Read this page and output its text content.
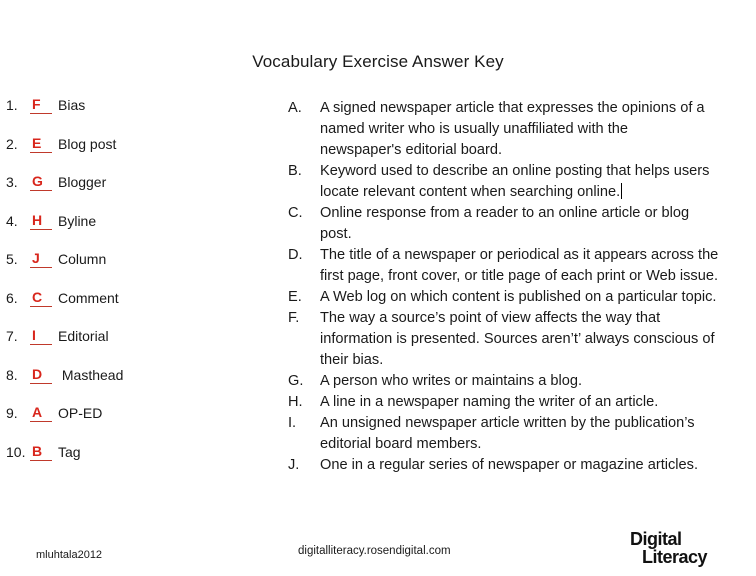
Vocabulary Exercise Answer Key
1.	F	Bias
2.	E	Blog post
3.	G	Blogger
4.	H	Byline
5.	J	Column
6.	C	Comment
7.	I	Editorial
8.	D	Masthead
9.	A	OP-ED
10. B	Tag
A.	A signed newspaper article that expresses the opinions of a
named writer who is usually unaffiliated with the
newspaper's editorial board.
B.	Keyword used to describe an online posting that helps users
locate relevant content when searching online.
C.	Online response from a reader to an online article or blog
post.
D.	The title of a newspaper or periodical as it appears across the
first page, front cover, or title page of each print or Web issue.
E.	A Web log on which content is published on a particular topic.
F.	The way a source’s point of view affects the way that
information is presented. Sources aren’t’ always conscious of
their bias.
G.	A person who writes or maintains a blog.
H.	A line in a newspaper naming the writer of an article.
I.	An unsigned newspaper article written by the publication’s
editorial board members.
J.	One in a regular series of newspaper or magazine articles.
mluhtala2012	digitalliteracy.rosendigital.com
Digital
Literacy
